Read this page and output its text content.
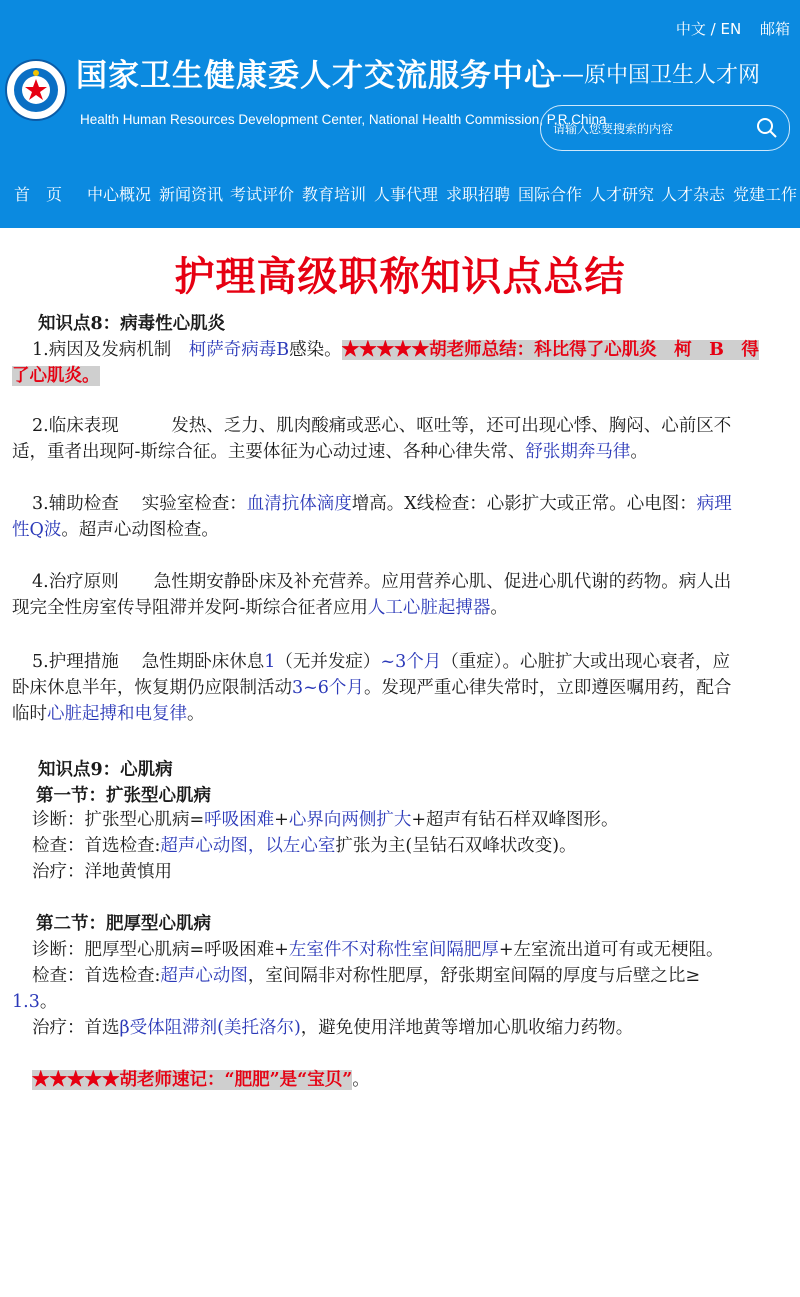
中文 / EN 邮箱
国家卫生健康委人才交流服务中心
Health Human Resources Development Center, National Health Commission, P.R.China
——原中国卫生人才网
请输入您要搜索的内容
首　页 中心概况 新闻资讯 考试评价 教育培训 人事代理 求职招聘 国际合作 人才研究 人才杂志 党建工作
护理高级职称知识点总结
知识点8：病毒性心肌炎
1.病因及发病机制　柯萨奇病毒B感染。★★★★★胡老师总结：科比得了心肌炎　柯　B　得
了心肌炎。
2.临床表现　　　发热、乏力、肌肉酸痛或恶心、呕吐等，还可出现心悸、胸闷、心前区不
适，重者出现阿-斯综合征。主要体征为心动过速、各种心律失常、舒张期奔马律。
3.辅助检查　 实验室检查：血清抗体滴度增高。X线检查：心影扩大或正常。心电图：病理
性Q波。超声心动图检查。
4.治疗原则　　急性期安静卧床及补充营养。应用营养心肌、促进心肌代谢的药物。病人出
现完全性房室传导阻滞并发阿-斯综合征者应用人工心脏起搏器。
5.护理措施　 急性期卧床休息1（无并发症）~3个月（重症）。心脏扩大或出现心衰者，应
卧床休息半年，恢复期仍应限制活动3~6个月。发现严重心律失常时，立即遵医嘱用药，配合
临时心脏起搏和电复律。
知识点9：心肌病
第一节：扩张型心肌病
诊断：扩张型心肌病=呼吸困难+心界向两侧扩大+超声有钻石样双峰图形。
检查：首选检查:超声心动图，以左心室扩张为主(呈钻石双峰状改变)。
治疗：洋地黄慎用
第二节：肥厚型心肌病
诊断：肥厚型心肌病=呼吸困难+左室件不对称性室间隔肥厚+左室流出道可有或无梗阻。
检查：首选检查:超声心动图，室间隔非对称性肥厚，舒张期室间隔的厚度与后壁之比≥
1.3。
治疗：首选β受体阻滞剂(美托洛尔)，避免使用洋地黄等增加心肌收缩力药物。
★★★★★胡老师速记：“肥肥”是“宝贝”。
